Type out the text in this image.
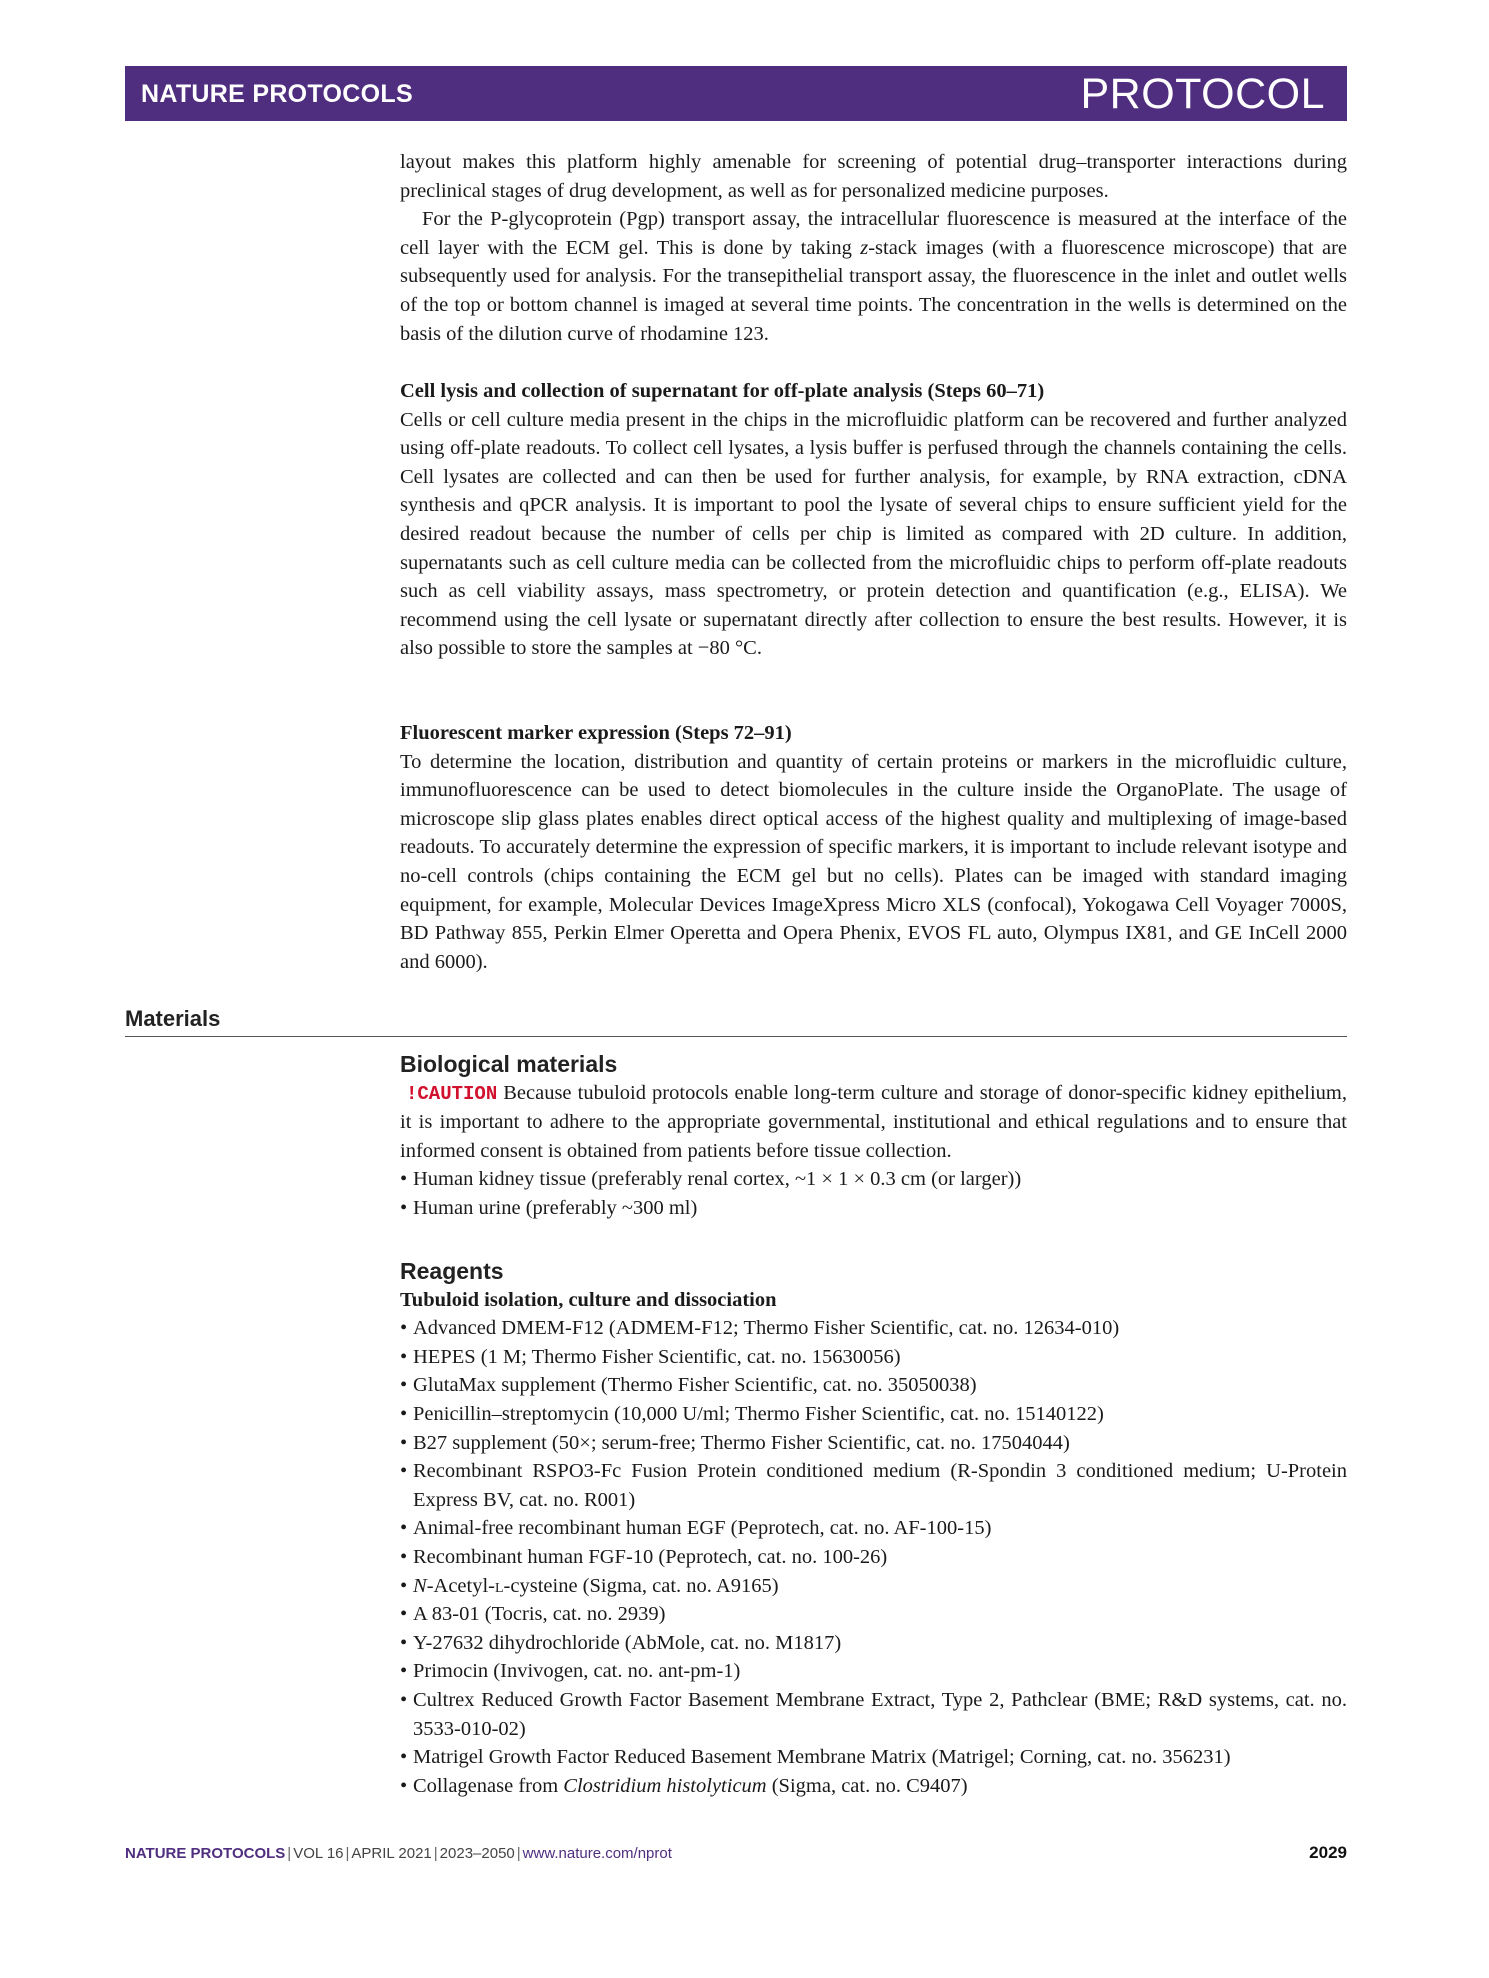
NATURE PROTOCOLS	PROTOCOL

layout makes this platform highly amenable for screening of potential drug–transporter interactions during preclinical stages of drug development, as well as for personalized medicine purposes.

For the P-glycoprotein (Pgp) transport assay, the intracellular fluorescence is measured at the interface of the cell layer with the ECM gel. This is done by taking z-stack images (with a fluorescence microscope) that are subsequently used for analysis. For the transepithelial transport assay, the fluorescence in the inlet and outlet wells of the top or bottom channel is imaged at several time points. The concentration in the wells is determined on the basis of the dilution curve of rhodamine 123.

Cell lysis and collection of supernatant for off-plate analysis (Steps 60–71)

Cells or cell culture media present in the chips in the microfluidic platform can be recovered and further analyzed using off-plate readouts. To collect cell lysates, a lysis buffer is perfused through the channels containing the cells. Cell lysates are collected and can then be used for further analysis, for example, by RNA extraction, cDNA synthesis and qPCR analysis. It is important to pool the lysate of several chips to ensure sufficient yield for the desired readout because the number of cells per chip is limited as compared with 2D culture. In addition, supernatants such as cell culture media can be collected from the microfluidic chips to perform off-plate readouts such as cell viability assays, mass spectrometry, or protein detection and quantification (e.g., ELISA). We recommend using the cell lysate or supernatant directly after collection to ensure the best results. However, it is also possible to store the samples at −80 °C.

Fluorescent marker expression (Steps 72–91)

To determine the location, distribution and quantity of certain proteins or markers in the microfluidic culture, immunofluorescence can be used to detect biomolecules in the culture inside the OrganoPlate. The usage of microscope slip glass plates enables direct optical access of the highest quality and multiplexing of image-based readouts. To accurately determine the expression of specific markers, it is important to include relevant isotype and no-cell controls (chips containing the ECM gel but no cells). Plates can be imaged with standard imaging equipment, for example, Molecular Devices ImageXpress Micro XLS (confocal), Yokogawa Cell Voyager 7000S, BD Pathway 855, Perkin Elmer Operetta and Opera Phenix, EVOS FL auto, Olympus IX81, and GE InCell 2000 and 6000).

Materials
Biological materials

!CAUTION Because tubuloid protocols enable long-term culture and storage of donor-specific kidney epithelium, it is important to adhere to the appropriate governmental, institutional and ethical regulations and to ensure that informed consent is obtained from patients before tissue collection.

• Human kidney tissue (preferably renal cortex, ~1 × 1 × 0.3 cm (or larger))
• Human urine (preferably ~300 ml)
Reagents

Tubuloid isolation, culture and dissociation

• Advanced DMEM-F12 (ADMEM-F12; Thermo Fisher Scientific, cat. no. 12634-010)
• HEPES (1 M; Thermo Fisher Scientific, cat. no. 15630056)
• GlutaMax supplement (Thermo Fisher Scientific, cat. no. 35050038)
• Penicillin–streptomycin (10,000 U/ml; Thermo Fisher Scientific, cat. no. 15140122)
• B27 supplement (50×; serum-free; Thermo Fisher Scientific, cat. no. 17504044)
• Recombinant RSPO3-Fc Fusion Protein conditioned medium (R-Spondin 3 conditioned medium; U-Protein Express BV, cat. no. R001)
• Animal-free recombinant human EGF (Peprotech, cat. no. AF-100-15)
• Recombinant human FGF-10 (Peprotech, cat. no. 100-26)
• N-Acetyl-l-cysteine (Sigma, cat. no. A9165)
• A 83-01 (Tocris, cat. no. 2939)
• Y-27632 dihydrochloride (AbMole, cat. no. M1817)
• Primocin (Invivogen, cat. no. ant-pm-1)
• Cultrex Reduced Growth Factor Basement Membrane Extract, Type 2, Pathclear (BME; R&D systems, cat. no. 3533-010-02)
• Matrigel Growth Factor Reduced Basement Membrane Matrix (Matrigel; Corning, cat. no. 356231)
• Collagenase from Clostridium histolyticum (Sigma, cat. no. C9407)
NATURE PROTOCOLS | VOL 16 | APRIL 2021 | 2023–2050 | www.nature.com/nprot	2029
